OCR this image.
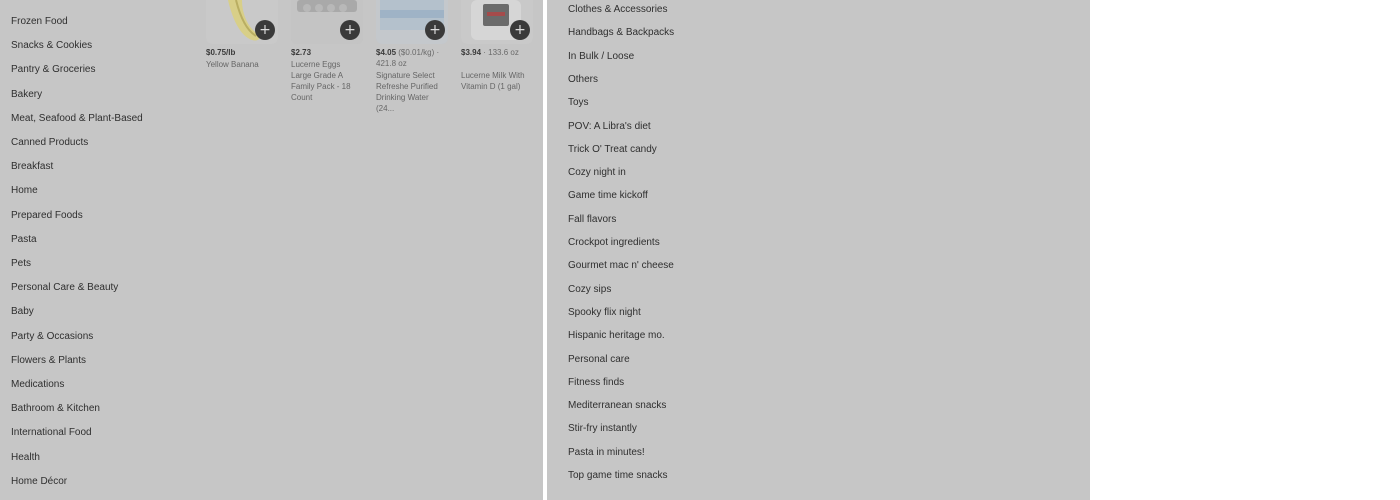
Frozen Food
Snacks & Cookies
Pantry & Groceries
Bakery
Meat, Seafood & Plant-Based
Canned Products
Breakfast
Home
Prepared Foods
Pasta
Pets
Personal Care & Beauty
Baby
Party & Occasions
Flowers & Plants
Medications
Bathroom & Kitchen
International Food
Health
Home Décor
+
$0.75/lb
Yellow Banana
+
$2.73
Lucerne Eggs Large Grade A Family Pack - 18 Count
+
$4.05 ($0.01/kg) · 421.8 oz
Signature Select Refreshe Purified Drinking Water (24...
+
$3.94 · 133.6 oz
Lucerne Milk With Vitamin D (1 gal)
Clothes & Accessories
Handbags & Backpacks
In Bulk / Loose
Others
Toys
POV: A Libra's diet
Trick O' Treat candy
Cozy night in
Game time kickoff
Fall flavors
Crockpot ingredients
Gourmet mac n' cheese
Cozy sips
Spooky flix night
Hispanic heritage mo.
Personal care
Fitness finds
Mediterranean snacks
Stir-fry instantly
Pasta in minutes!
Top game time snacks
